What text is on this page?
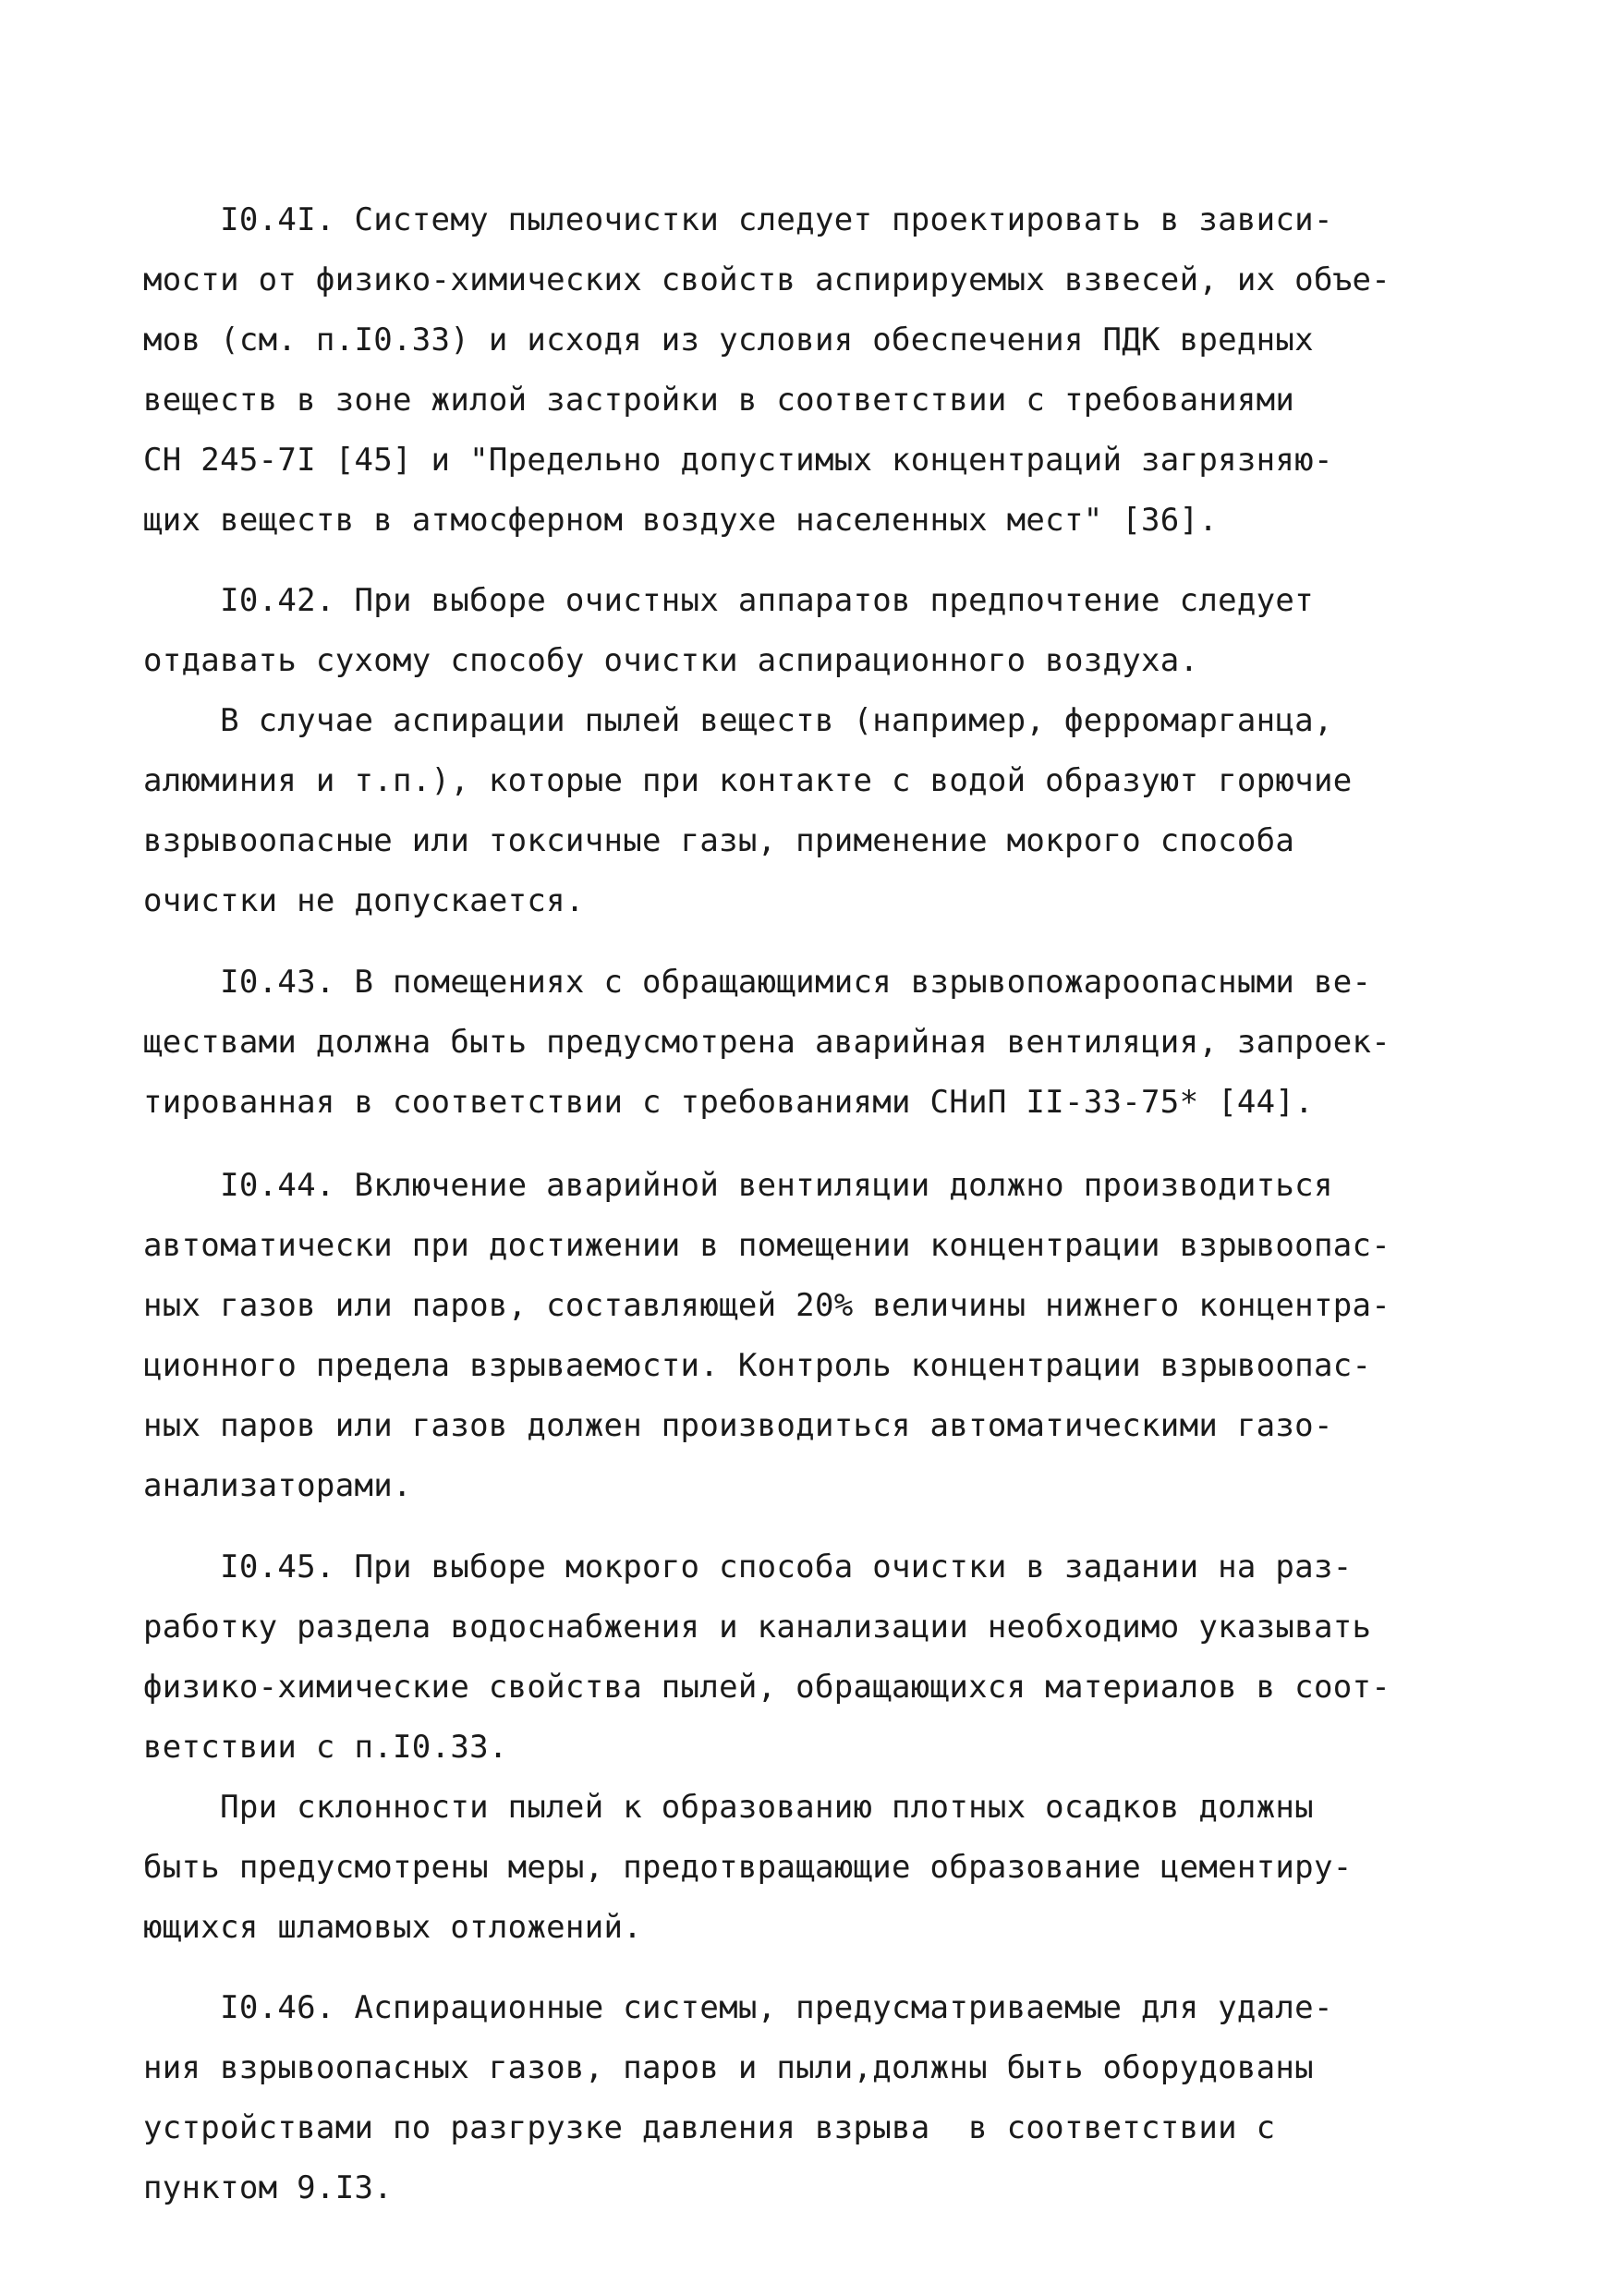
I0.4I. Систему пылеочистки следует проектировать в зависи-
мости от физико-химических свойств аспирируемых взвесей, их объе-
мов (см. п.I0.33) и исходя из условия обеспечения ПДК вредных
веществ в зоне жилой застройки в соответствии с требованиями
СН 245-7I [45] и "Предельно допустимых концентраций загрязняю-
щих веществ в атмосферном воздухе населенных мест" [36].
I0.42. При выборе очистных аппаратов предпочтение следует
отдавать сухому способу очистки аспирационного воздуха.
В случае аспирации пылей веществ (например, ферромарганца,
алюминия и т.п.), которые при контакте с водой образуют горючие
взрывоопасные или токсичные газы, применение мокрого способа
очистки не допускается.
I0.43. В помещениях с обращающимися взрывопожароопасными ве-
ществами должна быть предусмотрена аварийная вентиляция, запроек-
тированная в соответствии с требованиями СНиП II-33-75* [44].
I0.44. Включение аварийной вентиляции должно производиться
автоматически при достижении в помещении концентрации взрывоопас-
ных газов или паров, составляющей 20% величины нижнего концентра-
ционного предела взрываемости. Контроль концентрации взрывоопас-
ных паров или газов должен производиться автоматическими газо-
анализаторами.
I0.45. При выборе мокрого способа очистки в задании на раз-
работку раздела водоснабжения и канализации необходимо указывать
физико-химические свойства пылей, обращающихся материалов в соот-
ветствии с п.I0.33.
При склонности пылей к образованию плотных осадков должны
быть предусмотрены меры, предотвращающие образование цементиру-
ющихся шламовых отложений.
I0.46. Аспирационные системы, предусматриваемые для удале-
ния взрывоопасных газов, паров и пыли,должны быть оборудованы
устройствами по разгрузке давления взрыва  в соответствии с
пунктом 9.I3.
